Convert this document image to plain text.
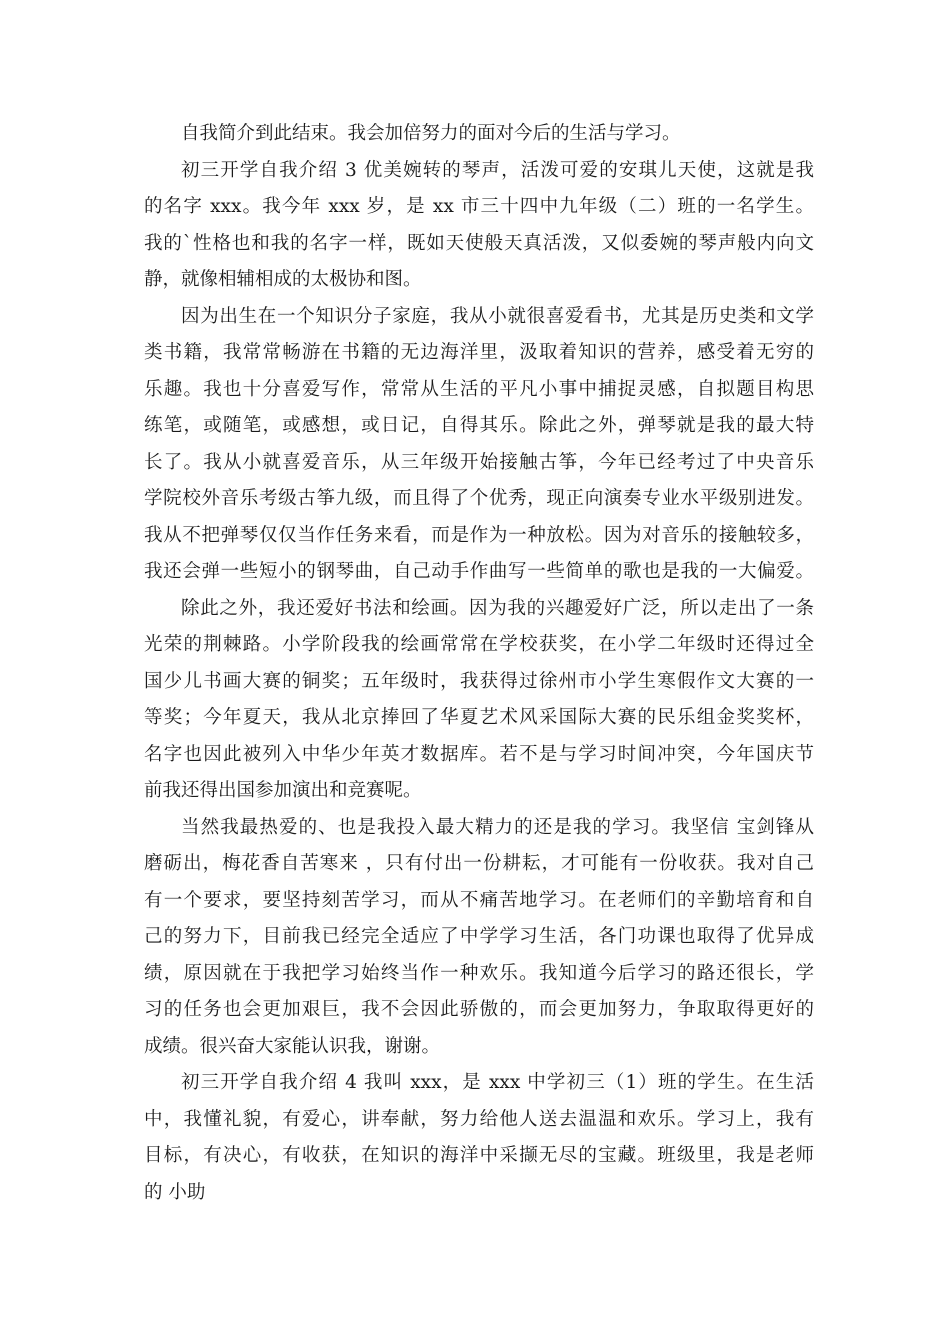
自我简介到此结束。我会加倍努力的面对今后的生活与学习。
初三开学自我介绍 3 优美婉转的琴声，活泼可爱的安琪儿天使，这就是我
的名字 xxx。我今年 xxx 岁，是 xx 市三十四中九年级（二）班的一名学生。
我的`性格也和我的名字一样，既如天使般天真活泼，又似委婉的琴声般内向文
静，就像相辅相成的太极协和图。
因为出生在一个知识分子家庭，我从小就很喜爱看书，尤其是历史类和文学
类书籍，我常常畅游在书籍的无边海洋里，汲取着知识的营养，感受着无穷的
乐趣。我也十分喜爱写作，常常从生活的平凡小事中捕捉灵感，自拟题目构思
练笔，或随笔，或感想，或日记，自得其乐。除此之外，弹琴就是我的最大特
长了。我从小就喜爱音乐，从三年级开始接触古筝，今年已经考过了中央音乐
学院校外音乐考级古筝九级，而且得了个优秀，现正向演奏专业水平级别进发。
我从不把弹琴仅仅当作任务来看，而是作为一种放松。因为对音乐的接触较多，
我还会弹一些短小的钢琴曲，自己动手作曲写一些简单的歌也是我的一大偏爱。
除此之外，我还爱好书法和绘画。因为我的兴趣爱好广泛，所以走出了一条
光荣的荆棘路。小学阶段我的绘画常常在学校获奖，在小学二年级时还得过全
国少儿书画大赛的铜奖；五年级时，我获得过徐州市小学生寒假作文大赛的一
等奖；今年夏天，我从北京捧回了华夏艺术风采国际大赛的民乐组金奖奖杯，
名字也因此被列入中华少年英才数据库。若不是与学习时间冲突，今年国庆节
前我还得出国参加演出和竞赛呢。
当然我最热爱的、也是我投入最大精力的还是我的学习。我坚信 宝剑锋从
磨砺出，梅花香自苦寒来 ，只有付出一份耕耘，才可能有一份收获。我对自己
有一个要求，要坚持刻苦学习，而从不痛苦地学习。在老师们的辛勤培育和自
己的努力下，目前我已经完全适应了中学学习生活，各门功课也取得了优异成
绩，原因就在于我把学习始终当作一种欢乐。我知道今后学习的路还很长，学
习的任务也会更加艰巨，我不会因此骄傲的，而会更加努力，争取取得更好的
成绩。很兴奋大家能认识我，谢谢。
初三开学自我介绍 4 我叫 xxx，是 xxx 中学初三（1）班的学生。在生活
中，我懂礼貌，有爱心，讲奉献，努力给他人送去温温和欢乐。学习上，我有
目标，有决心，有收获，在知识的海洋中采撷无尽的宝藏。班级里，我是老师
的 小助
